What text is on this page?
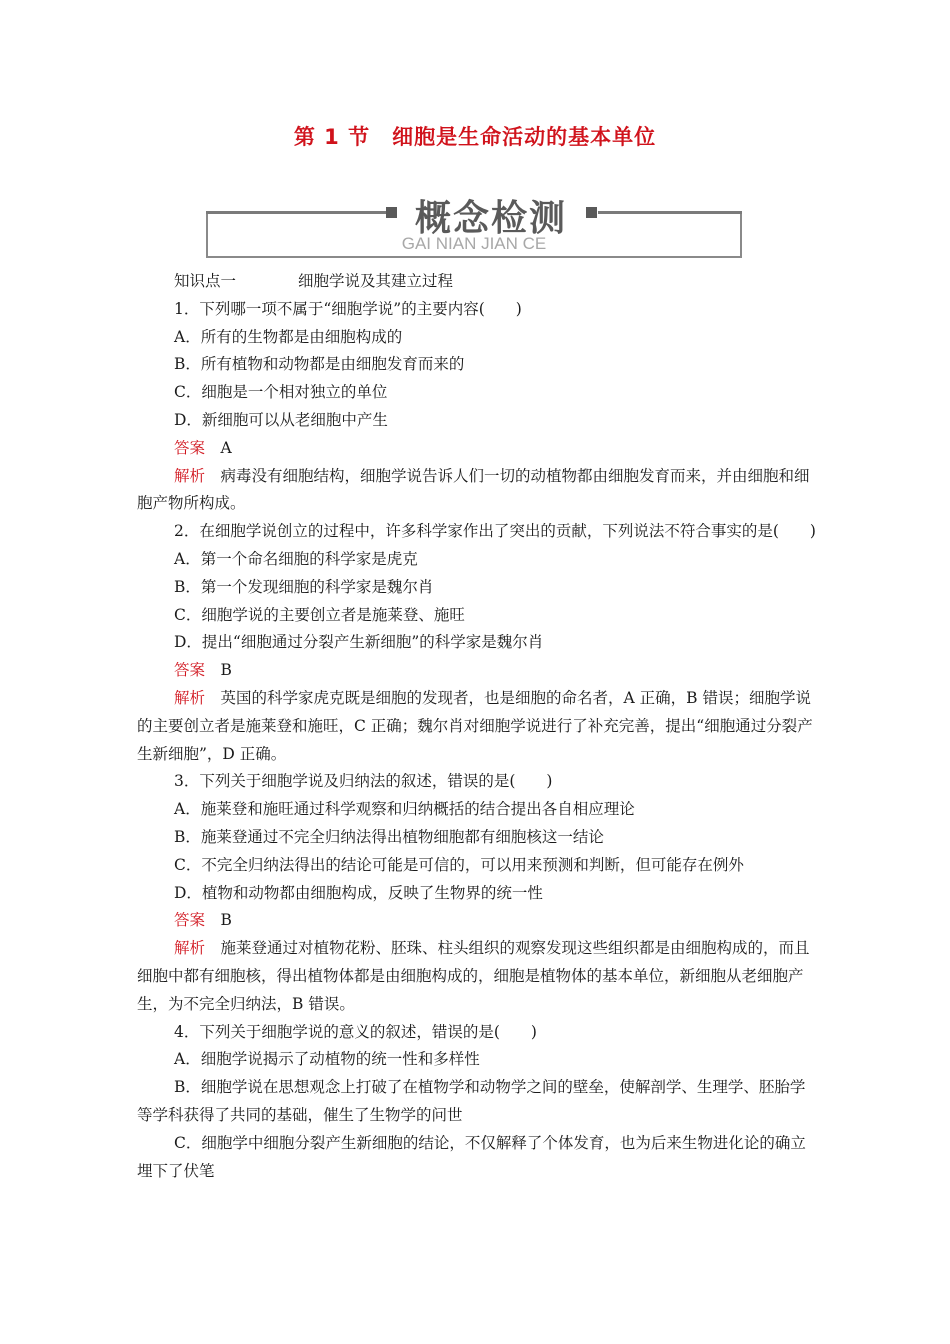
第 1 节　细胞是生命活动的基本单位
概念检测
GAI NIAN JIAN CE

知识点一	细胞学说及其建立过程

1．下列哪一项不属于“细胞学说”的主要内容(　　)

A．所有的生物都是由细胞构成的

B．所有植物和动物都是由细胞发育而来的

C．细胞是一个相对独立的单位

D．新细胞可以从老细胞中产生

答案　 A

解析　 病毒没有细胞结构，细胞学说告诉人们一切的动植物都由细胞发育而来，并由细胞和细胞产物所构成。

2．在细胞学说创立的过程中，许多科学家作出了突出的贡献，下列说法不符合事实的是(　　)

A．第一个命名细胞的科学家是虎克

B．第一个发现细胞的科学家是魏尔肖

C．细胞学说的主要创立者是施莱登、施旺

D．提出“细胞通过分裂产生新细胞”的科学家是魏尔肖

答案　 B

解析　 英国的科学家虎克既是细胞的发现者，也是细胞的命名者，A 正确，B 错误；细胞学说的主要创立者是施莱登和施旺，C 正确；魏尔肖对细胞学说进行了补充完善，提出“细胞通过分裂产生新细胞”，D 正确。

3．下列关于细胞学说及归纳法的叙述，错误的是(　　)

A．施莱登和施旺通过科学观察和归纳概括的结合提出各自相应理论

B．施莱登通过不完全归纳法得出植物细胞都有细胞核这一结论

C．不完全归纳法得出的结论可能是可信的，可以用来预测和判断，但可能存在例外

D．植物和动物都由细胞构成，反映了生物界的统一性

答案　 B

解析　 施莱登通过对植物花粉、胚珠、柱头组织的观察发现这些组织都是由细胞构成的，而且细胞中都有细胞核，得出植物体都是由细胞构成的，细胞是植物体的基本单位，新细胞从老细胞产生，为不完全归纳法，B 错误。

4．下列关于细胞学说的意义的叙述，错误的是(　　)

A．细胞学说揭示了动植物的统一性和多样性

B．细胞学说在思想观念上打破了在植物学和动物学之间的壁垒，使解剖学、生理学、胚胎学等学科获得了共同的基础，催生了生物学的问世

C．细胞学中细胞分裂产生新细胞的结论，不仅解释了个体发育，也为后来生物进化论的确立埋下了伏笔
